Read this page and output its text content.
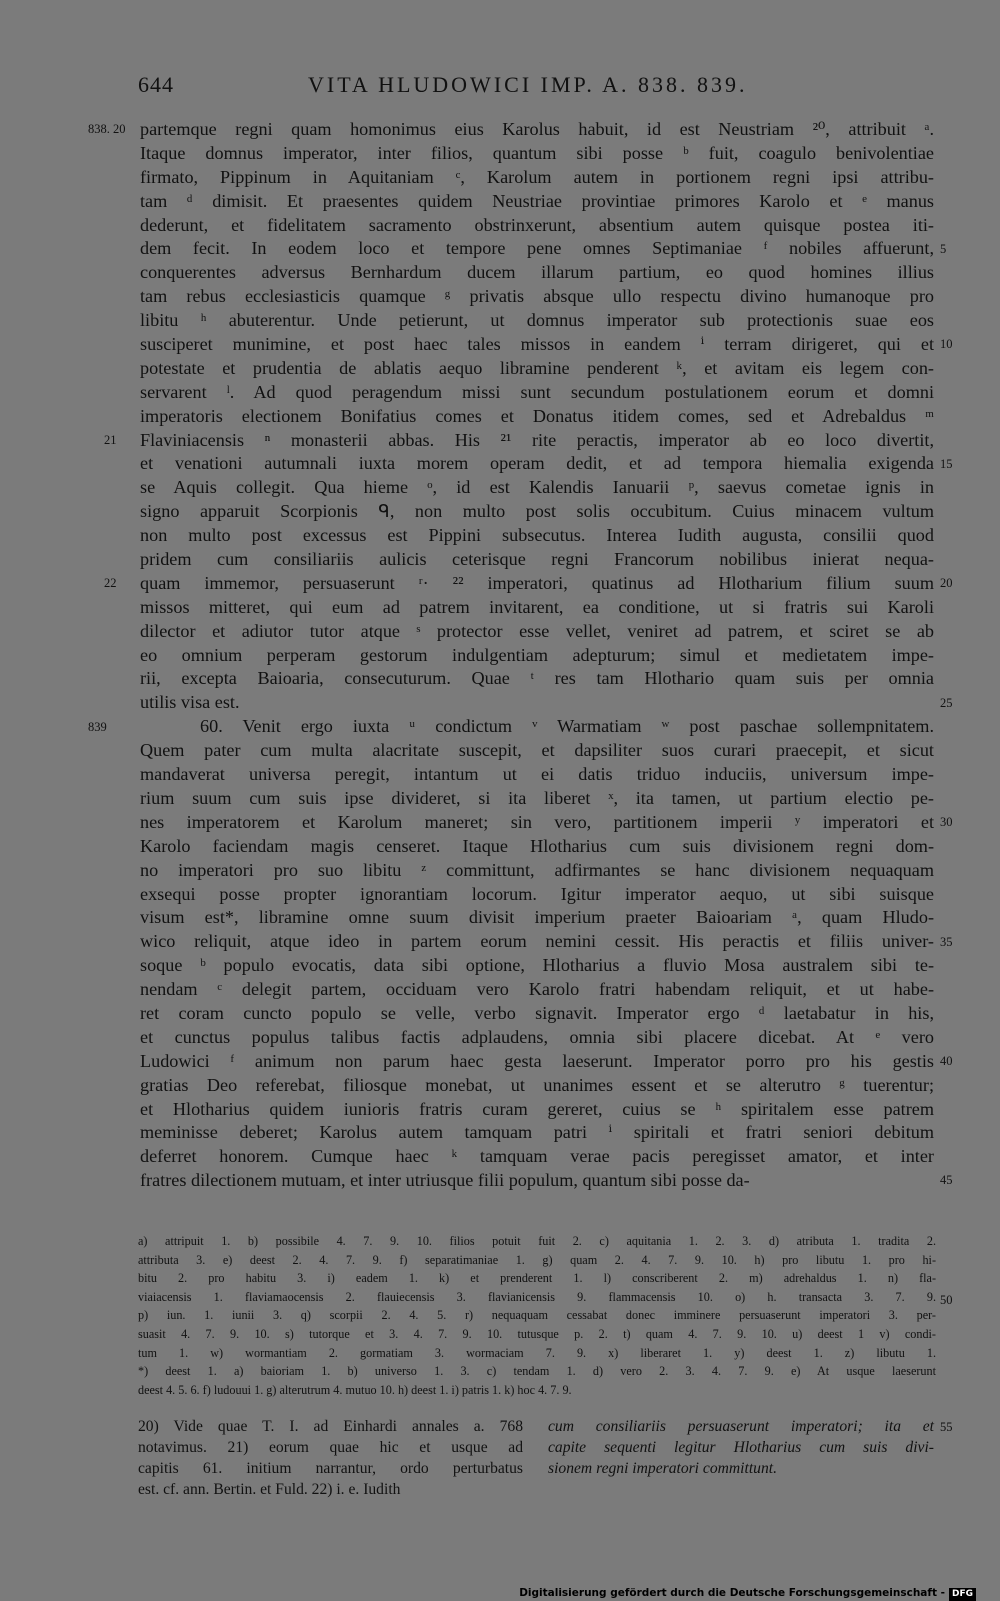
644	VITA HLUDOWICI IMP. A. 838. 839.
838. 20
21
22
839
5
10
15
20
25
30
35
40
45
50
55
partemque regni quam homonimus eius Karolus habuit, id est Neustriam ²⁰, attribuit ᵃ.
Itaque domnus imperator, inter filios, quantum sibi posse ᵇ fuit, coagulo benivolentiae
firmato, Pippinum in Aquitaniam ᶜ, Karolum autem in portionem regni ipsi attribu-
tam ᵈ dimisit. Et praesentes quidem Neustriae provintiae primores Karolo et ᵉ manus
dederunt, et fidelitatem sacramento obstrinxerunt, absentium autem quisque postea iti-
dem fecit. In eodem loco et tempore pene omnes Septimaniae ᶠ nobiles affuerunt,
conquerentes adversus Bernhardum ducem illarum partium, eo quod homines illius
tam rebus ecclesiasticis quamque ᵍ privatis absque ullo respectu divino humanoque pro
libitu ʰ abuterentur. Unde petierunt, ut domnus imperator sub protectionis suae eos
susciperet munimine, et post haec tales missos in eandem ⁱ terram dirigeret, qui et
potestate et prudentia de ablatis aequo libramine penderent ᵏ, et avitam eis legem con-
servarent ˡ. Ad quod peragendum missi sunt secundum postulationem eorum et domni
imperatoris electionem Bonifatius comes et Donatus itidem comes, sed et Adrebaldus ᵐ
Flaviniacensis ⁿ monasterii abbas. His ²¹ rite peractis, imperator ab eo loco divertit,
et venationi autumnali iuxta morem operam dedit, et ad tempora hiemalia exigenda
se Aquis collegit. Qua hieme ᵒ, id est Kalendis Ianuarii ᵖ, saevus cometae ignis in
signo apparuit Scorpionis ᑫ, non multo post solis occubitum. Cuius minacem vultum
non multo post excessus est Pippini subsecutus. Interea Iudith augusta, consilii quod
pridem cum consiliariis aulicis ceterisque regni Francorum nobilibus inierat nequa-
quam immemor, persuaserunt ʳ· ²² imperatori, quatinus ad Hlotharium filium suum
missos mitteret, qui eum ad patrem invitarent, ea conditione, ut si fratris sui Karoli
dilector et adiutor tutor atque ˢ protector esse vellet, veniret ad patrem, et sciret se ab
eo omnium perperam gestorum indulgentiam adepturum; simul et medietatem impe-
rii, excepta Baioaria, consecuturum. Quae ᵗ res tam Hlothario quam suis per omnia
utilis visa est.
60. Venit ergo iuxta ᵘ condictum ᵛ Warmatiam ʷ post paschae sollempnitatem.
Quem pater cum multa alacritate suscepit, et dapsiliter suos curari praecepit, et sicut
mandaverat universa peregit, intantum ut ei datis triduo induciis, universum impe-
rium suum cum suis ipse divideret, si ita liberet ˣ, ita tamen, ut partium electio pe-
nes imperatorem et Karolum maneret; sin vero, partitionem imperii ʸ imperatori et
Karolo faciendam magis censeret. Itaque Hlotharius cum suis divisionem regni dom-
no imperatori pro suo libitu ᶻ committunt, adfirmantes se hanc divisionem nequaquam
exsequi posse propter ignorantiam locorum. Igitur imperator aequo, ut sibi suisque
visum est*, libramine omne suum divisit imperium praeter Baioariam ᵃ, quam Hludo-
wico reliquit, atque ideo in partem eorum nemini cessit. His peractis et filiis univer-
soque ᵇ populo evocatis, data sibi optione, Hlotharius a fluvio Mosa australem sibi te-
nendam ᶜ delegit partem, occiduam vero Karolo fratri habendam reliquit, et ut habe-
ret coram cuncto populo se velle, verbo signavit. Imperator ergo ᵈ laetabatur in his,
et cunctus populus talibus factis adplaudens, omnia sibi placere dicebat. At ᵉ vero
Ludowici ᶠ animum non parum haec gesta laeserunt. Imperator porro pro his gestis
gratias Deo referebat, filiosque monebat, ut unanimes essent et se alterutro ᵍ tuerentur;
et Hlotharius quidem iunioris fratris curam gereret, cuius se ʰ spiritalem esse patrem
meminisse deberet; Karolus autem tamquam patri ⁱ spiritali et fratri seniori debitum
deferret honorem. Cumque haec ᵏ tamquam verae pacis peregisset amator, et inter
fratres dilectionem mutuam, et inter utriusque filii populum, quantum sibi posse da-
a) attripuit 1. b) possibile 4. 7. 9. 10. filios potuit fuit 2. c) aquitania 1. 2. 3. d) atributa 1. tradita 2.
attributa 3. e) deest 2. 4. 7. 9. f) separatimaniae 1. g) quam 2. 4. 7. 9. 10. h) pro libutu 1. pro hi-
bitu 2. pro habitu 3. i) eadem 1. k) et prenderent 1. l) conscriberent 2. m) adrehaldus 1. n) fla-
viaiacensis 1. flaviamaocensis 2. flauiecensis 3. flavianicensis 9. flammacensis 10. o) h. transacta 3. 7. 9.
p) iun. 1. iunii 3. q) scorpii 2. 4. 5. r) nequaquam cessabat donec imminere persuaserunt imperatori 3. per-
suasit 4. 7. 9. 10. s) tutorque et 3. 4. 7. 9. 10. tutusque p. 2. t) quam 4. 7. 9. 10. u) deest 1 v) condi-
tum 1. w) wormantiam 2. gormatiam 3. wormaciam 7. 9. x) liberaret 1. y) deest 1. z) libutu 1.
*) deest 1. a) baioriam 1. b) universo 1. 3. c) tendam 1. d) vero 2. 3. 4. 7. 9. e) At usque laeserunt
deest 4. 5. 6. f) ludouui 1. g) alterutrum 4. mutuo 10. h) deest 1. i) patris 1. k) hoc 4. 7. 9.
20) Vide quae T. I. ad Einhardi annales a. 768
notavimus. 21) eorum quae hic et usque ad
capitis 61. initium narrantur, ordo perturbatus
est. cf. ann. Bertin. et Fuld. 22) i. e. Iudith
cum consiliariis persuaserunt imperatori; ita et
capite sequenti legitur Hlotharius cum suis divi-
sionem regni imperatori committunt.
Digitalisierung gefördert durch die Deutsche Forschungsgemeinschaft - DFG
